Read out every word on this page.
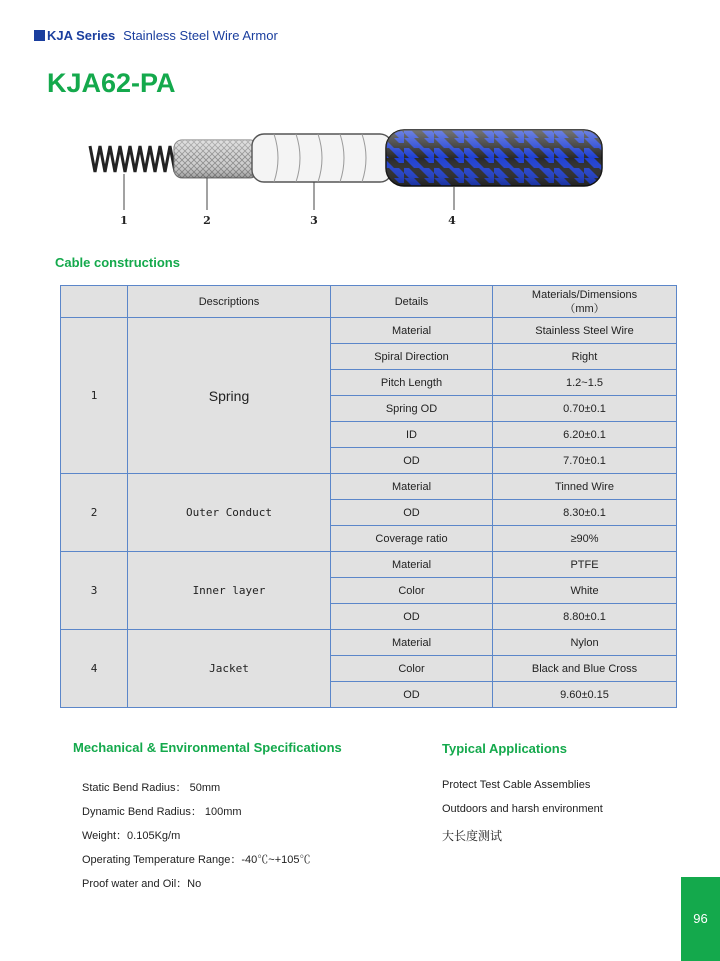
KJA Series Stainless Steel Wire Armor
KJA62-PA
1	2	3	4
Cable constructions
	Descriptions	Details	Materials/Dimensions
（mm）
1	Spring	Material	Stainless Steel Wire
		Spiral Direction	Right
		Pitch Length	1.2~1.5
		Spring OD	0.70±0.1
		ID	6.20±0.1
		OD	7.70±0.1
2	Outer Conduct	Material	Tinned Wire
		OD	8.30±0.1
		Coverage ratio	≥90%
3	Inner layer	Material	PTFE
		Color	White
		OD	8.80±0.1
4	Jacket	Material	Nylon
		Color	Black and Blue Cross
		OD	9.60±0.15
Mechanical & Environmental Specifications
Static Bend Radius： 50mm
Dynamic Bend Radius： 100mm
Weight：0.105Kg/m
Operating Temperature Range：-40℃~+105℃
Proof water and Oil：No
Typical Applications
Protect Test Cable Assemblies
Outdoors and harsh environment
大长度测试
96
